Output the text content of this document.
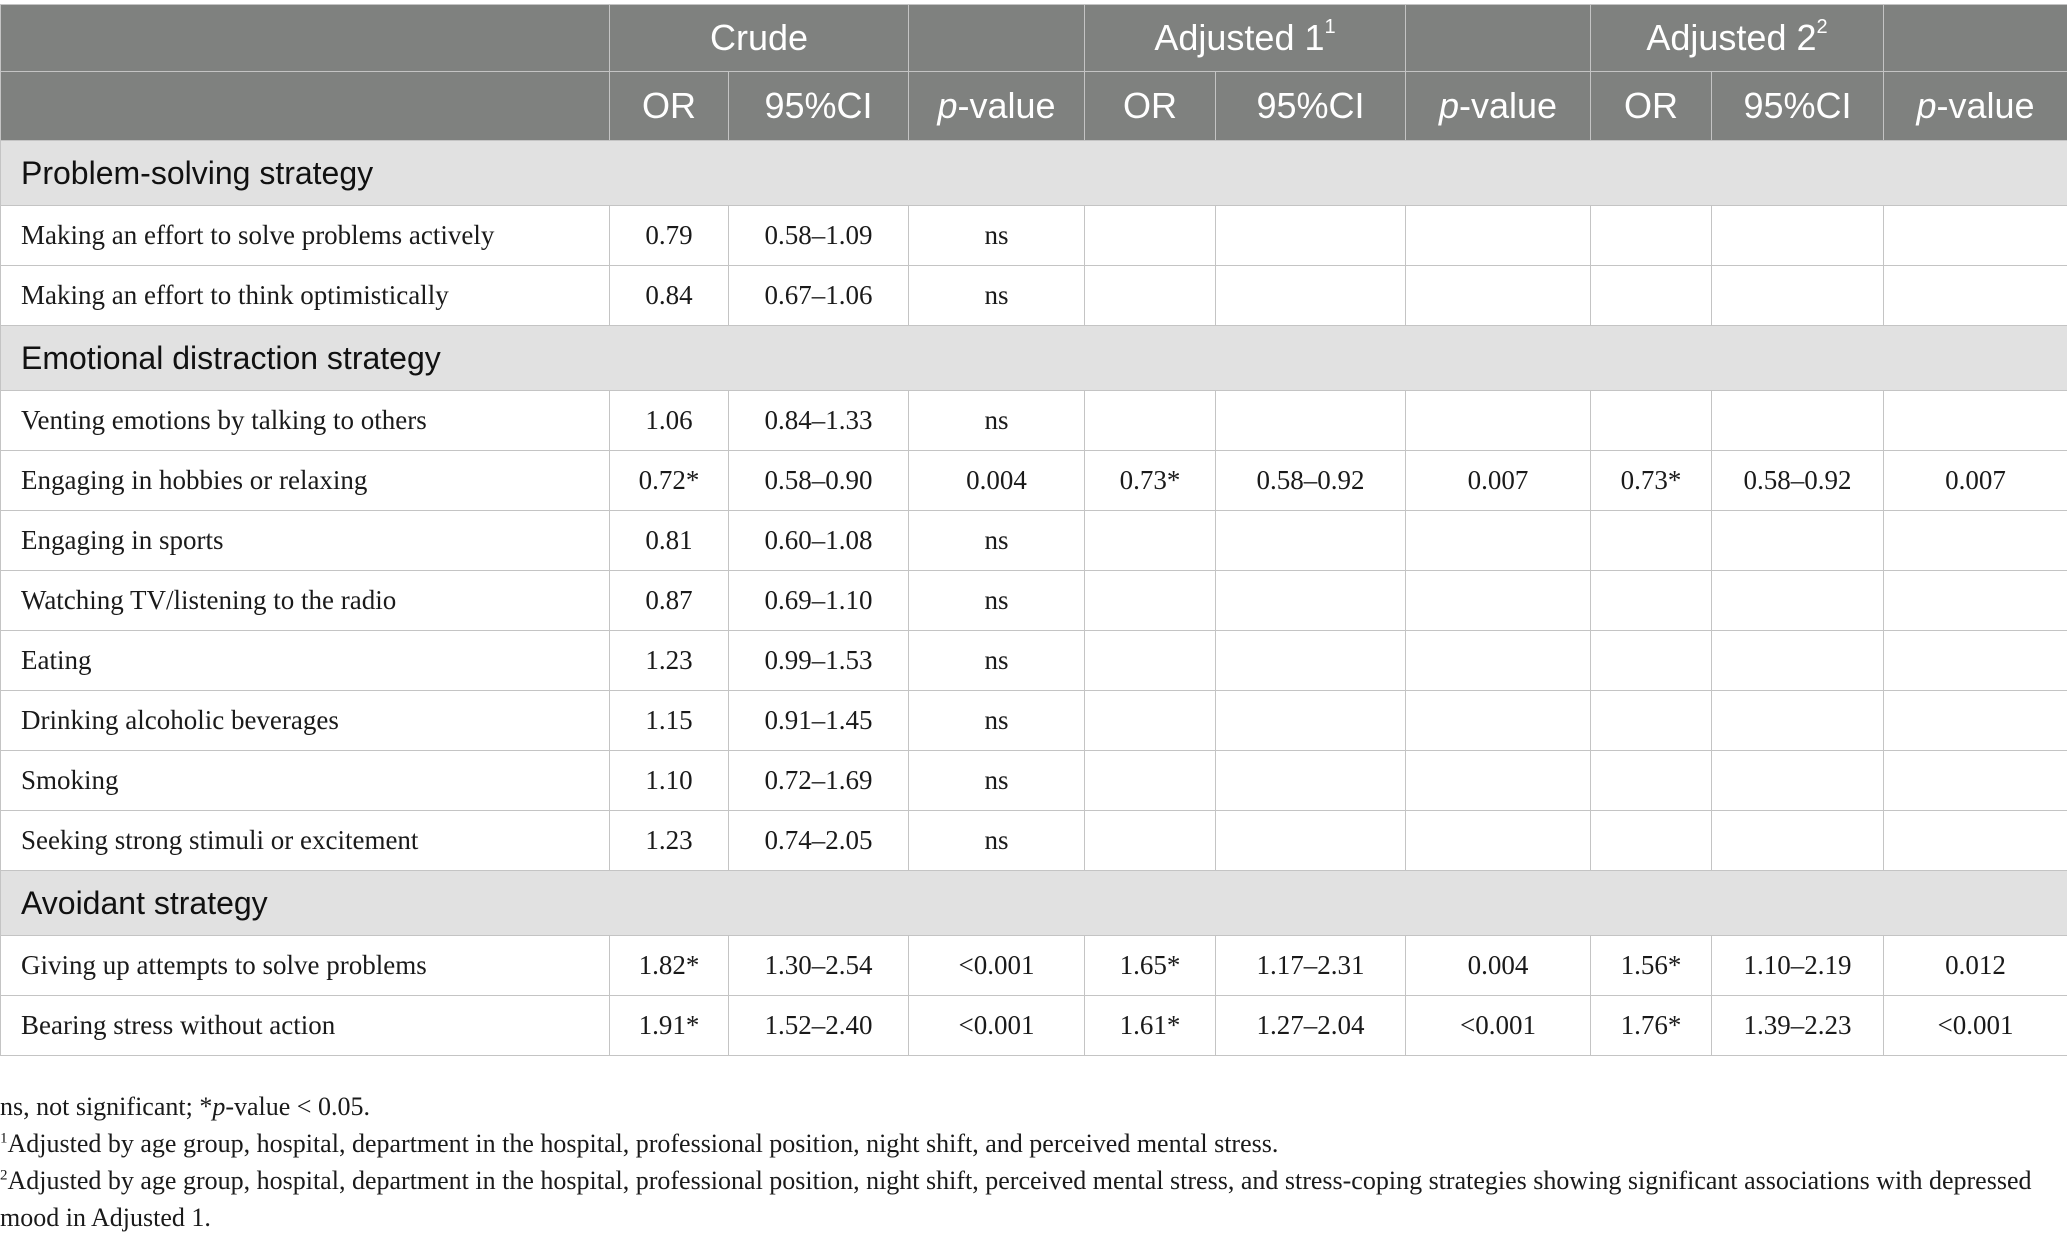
	Crude			Adjusted $1^1$			Adjusted $2^2$	
	OR	95%CI	p-value	OR	95%CI	p-value	OR	95%CI	p-value
Problem-solving strategy									
Making an effort to solve problems actively	0.79	0.58–1.09	ns						
Making an effort to think optimistically	0.84	0.67–1.06	ns						
Emotional distraction strategy									
Venting emotions by talking to others	1.06	0.84–1.33	ns						
Engaging in hobbies or relaxing	0.72*	0.58–0.90	0.004	0.73*	0.58–0.92	0.007	0.73*	0.58–0.92	0.007
Engaging in sports	0.81	0.60–1.08	ns						
Watching TV/listening to the radio	0.87	0.69–1.10	ns						
Eating	1.23	0.99–1.53	ns						
Drinking alcoholic beverages	1.15	0.91–1.45	ns						
Smoking	1.10	0.72–1.69	ns						
Seeking strong stimuli or excitement	1.23	0.74–2.05	ns						
Avoidant strategy									
Giving up attempts to solve problems	1.82*	1.30–2.54	<0.001	1.65*	1.17–2.31	0.004	1.56*	1.10–2.19	0.012
Bearing stress without action	1.91*	1.52–2.40	<0.001	1.61*	1.27–2.04	<0.001	1.76*	1.39–2.23	<0.001

ns, not significant; *p-value < 0.05.

$^1$Adjusted by age group, hospital, department in the hospital, professional position, night shift, and perceived mental stress.

$^2$Adjusted by age group, hospital, department in the hospital, professional position, night shift, perceived mental stress, and stress-coping strategies showing significant associations with depressed mood in Adjusted 1.
